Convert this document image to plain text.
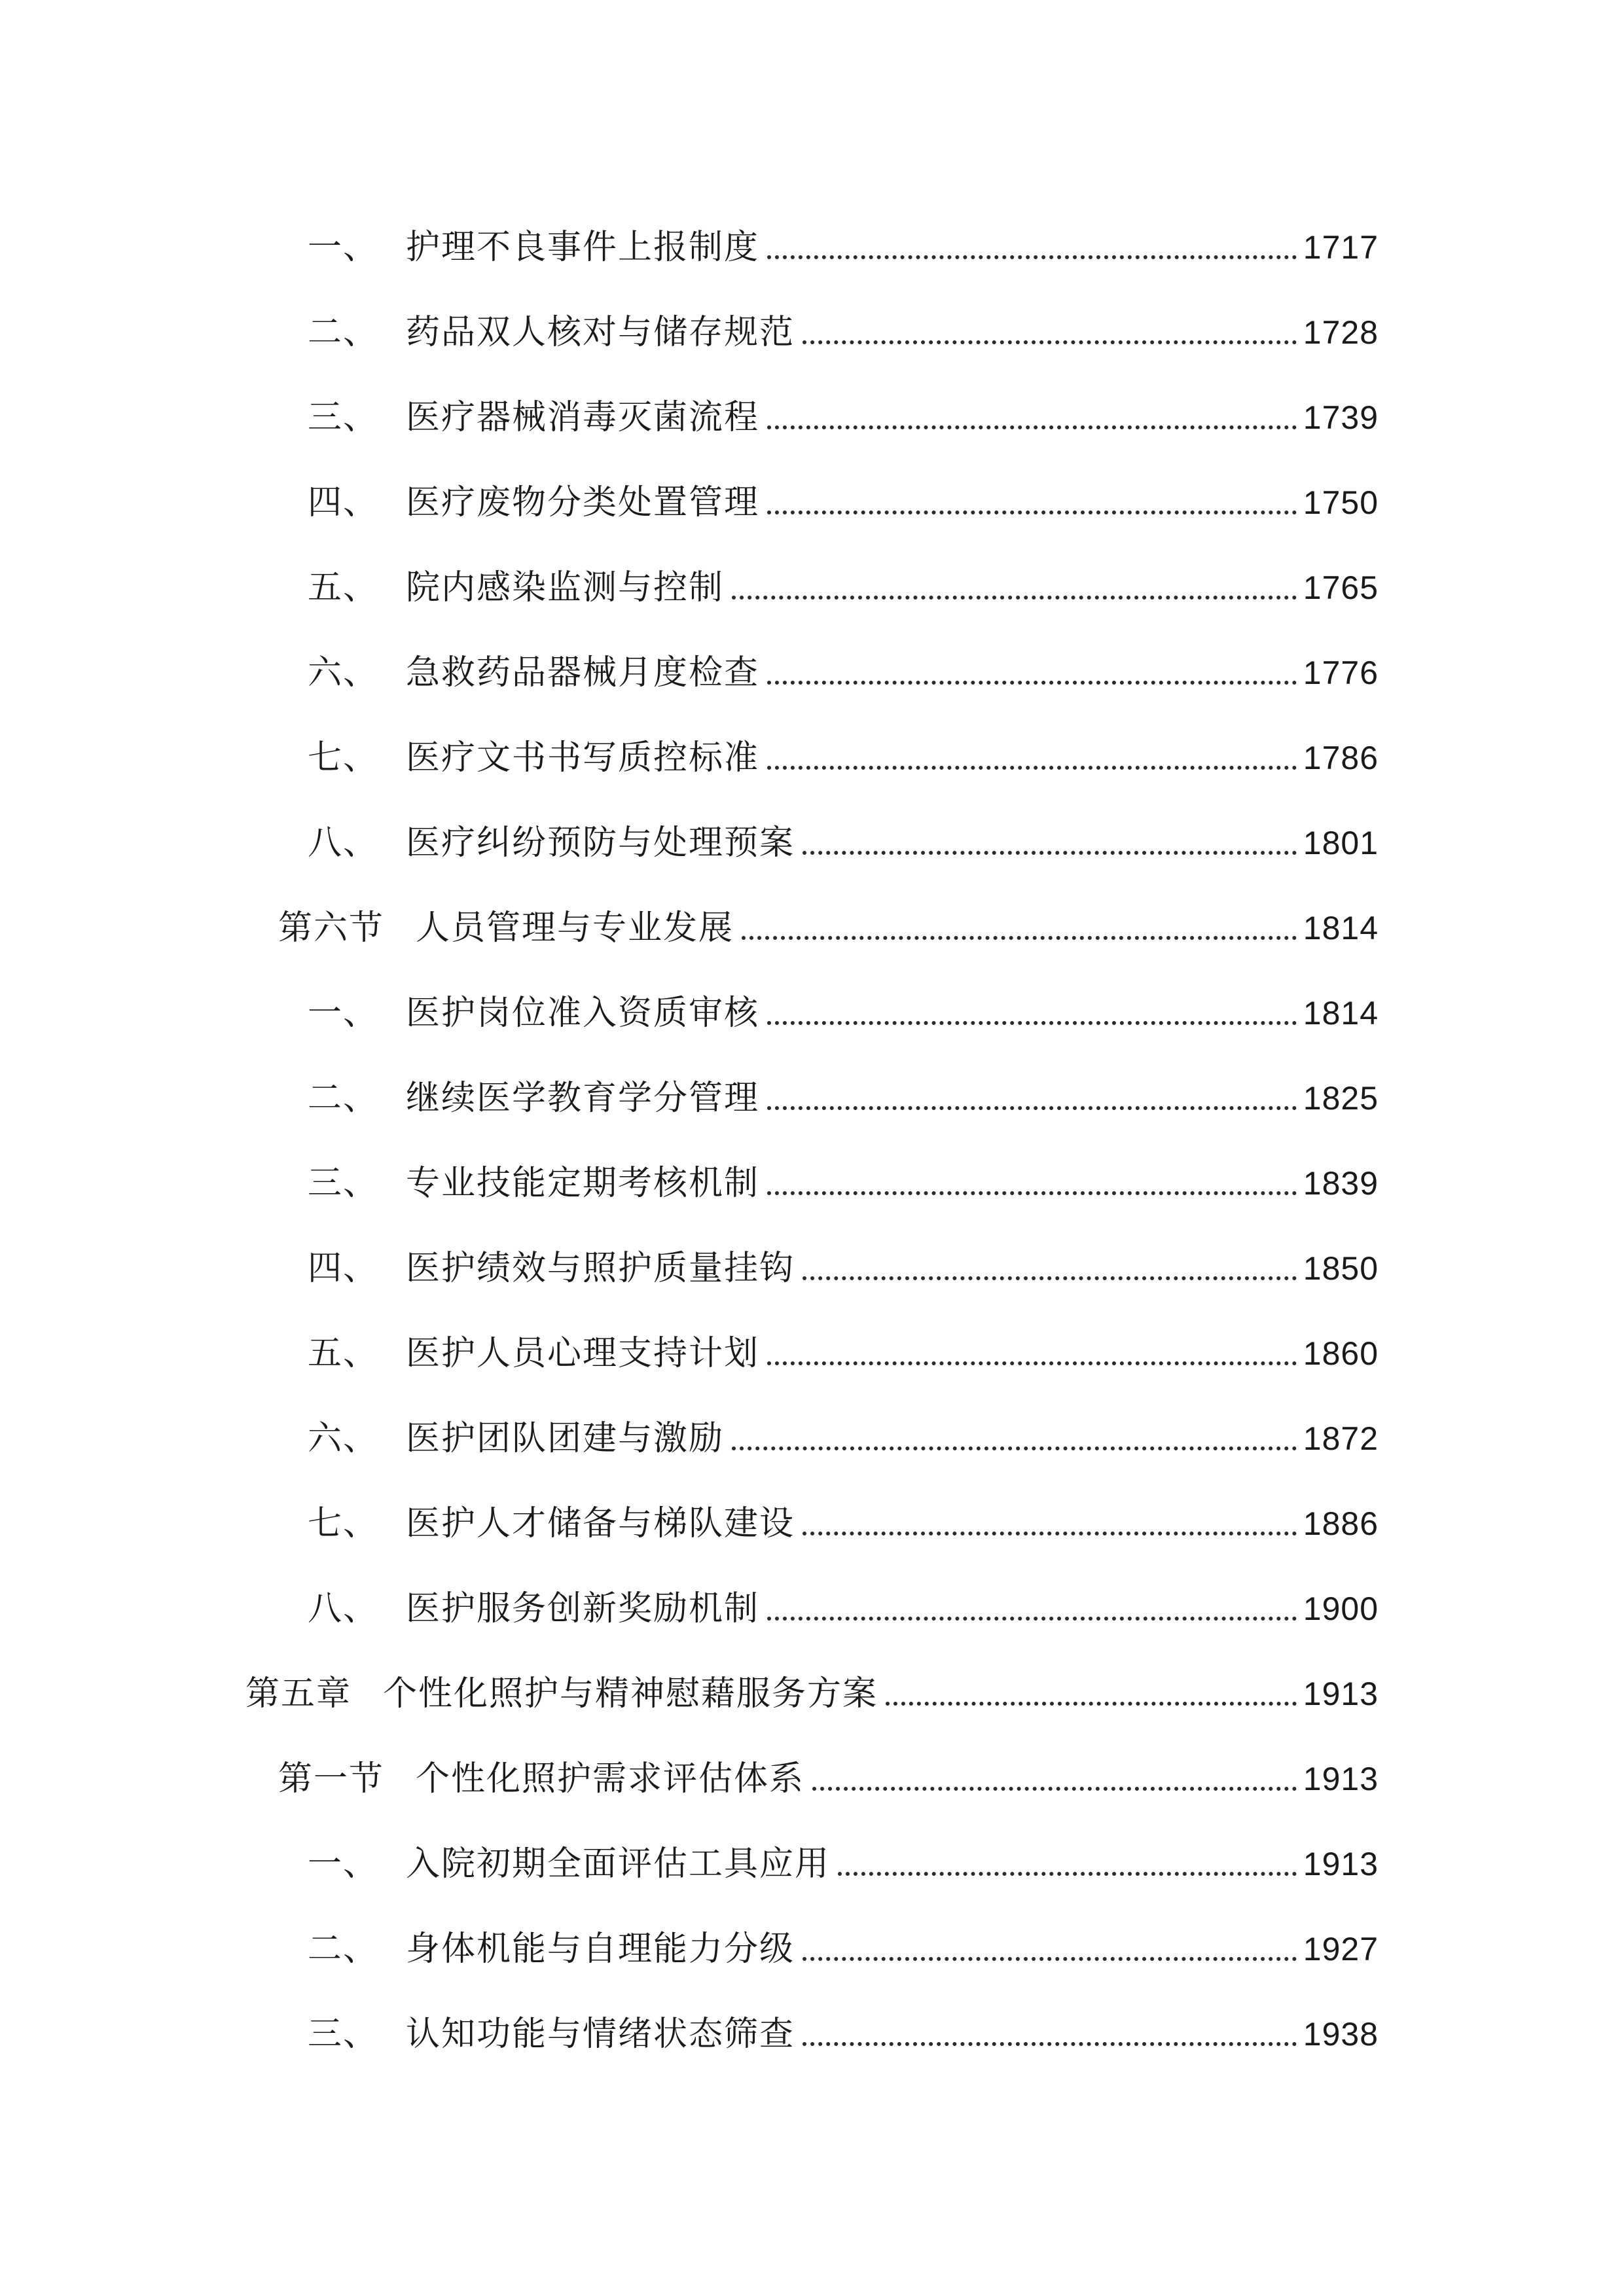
一、 护理不良事件上报制度	1717
二、 药品双人核对与储存规范	1728
三、 医疗器械消毒灭菌流程	1739
四、 医疗废物分类处置管理	1750
五、 院内感染监测与控制	1765
六、 急救药品器械月度检查	1776
七、 医疗文书书写质控标准	1786
八、 医疗纠纷预防与处理预案	1801
第六节 人员管理与专业发展	1814
一、 医护岗位准入资质审核	1814
二、 继续医学教育学分管理	1825
三、 专业技能定期考核机制	1839
四、 医护绩效与照护质量挂钩	1850
五、 医护人员心理支持计划	1860
六、 医护团队团建与激励	1872
七、 医护人才储备与梯队建设	1886
八、 医护服务创新奖励机制	1900
第五章 个性化照护与精神慰藉服务方案	1913
第一节 个性化照护需求评估体系	1913
一、 入院初期全面评估工具应用	1913
二、 身体机能与自理能力分级	1927
三、 认知功能与情绪状态筛查	1938
